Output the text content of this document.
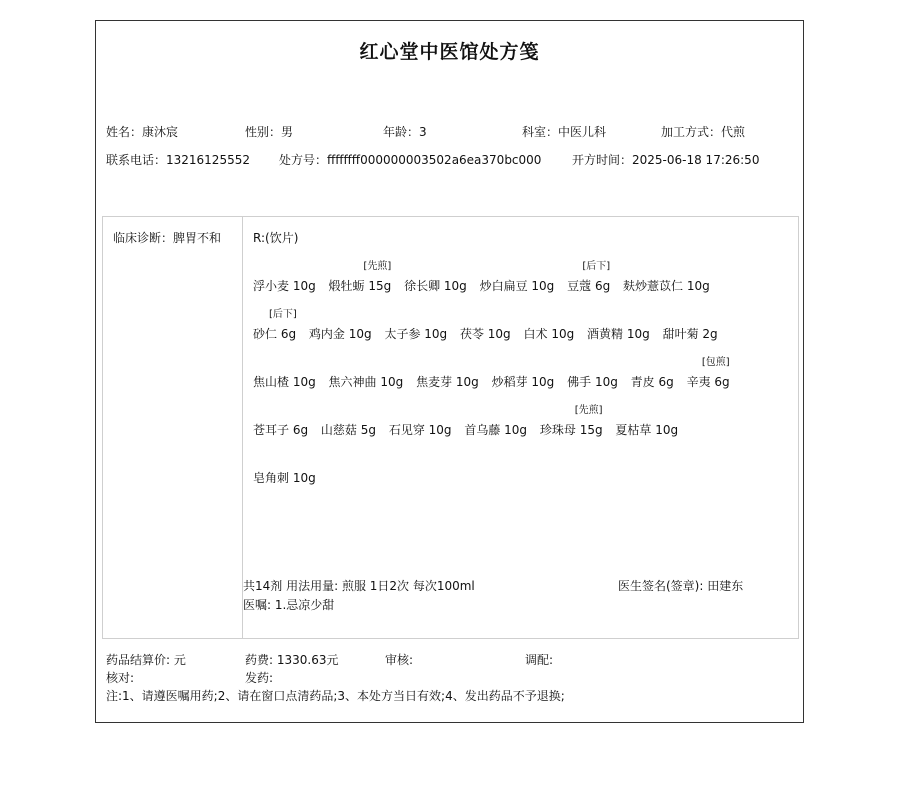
红心堂中医馆处方笺
姓名：康沐宸	性别：男	年龄：3	科室：中医儿科	加工方式：代煎
联系电话：13216125552 处方号：ffffffff000000003502a6ea370bc000	开方时间：2025-06-18 17:26:50
临床诊断：脾胃不和	R:(饮片)
浮小麦 10g
[先煎]
煅牡蛎 15g 徐长卿 10g 炒白扁豆 10g
[后下]
豆蔻 6g 麸炒薏苡仁 10g
[后下]
砂仁 6g 鸡内金 10g 太子参 10g 茯苓 10g 白术 10g 酒黄精 10g 甜叶菊 2g
焦山楂 10g 焦六神曲 10g 焦麦芽 10g 炒稻芽 10g 佛手 10g 青皮 6g
[包煎]
辛夷 6g
苍耳子 6g 山慈菇 5g 石见穿 10g 首乌藤 10g
[先煎]
珍珠母 15g 夏枯草 10g
皂角刺 10g
共14剂 用法用量: 煎服 1日2次 每次100ml	医生签名(签章): 田建东
医嘱: 1.忌凉少甜
药品结算价: 元	药费: 1330.63元	审核:	调配:
核对:	发药:
注:1、请遵医嘱用药;2、请在窗口点清药品;3、本处方当日有效;4、发出药品不予退换;
